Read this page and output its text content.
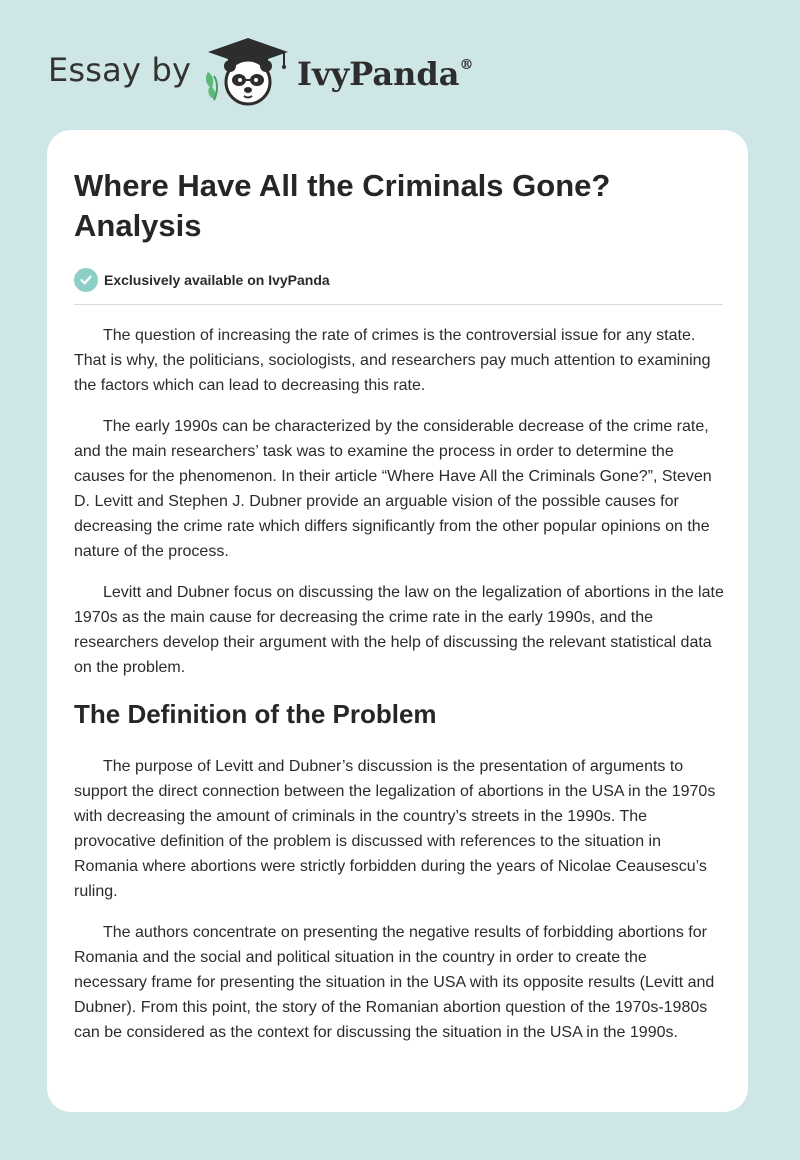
Essay by	IvyPanda®
Where Have All the Criminals Gone? Analysis
Exclusively available on IvyPanda

The question of increasing the rate of crimes is the controversial issue for any state. That is why, the politicians, sociologists, and researchers pay much attention to examining the factors which can lead to decreasing this rate.

The early 1990s can be characterized by the considerable decrease of the crime rate, and the main researchers’ task was to examine the process in order to determine the causes for the phenomenon. In their article “Where Have All the Criminals Gone?”, Steven D. Levitt and Stephen J. Dubner provide an arguable vision of the possible causes for decreasing the crime rate which differs significantly from the other popular opinions on the nature of the process.

Levitt and Dubner focus on discussing the law on the legalization of abortions in the late 1970s as the main cause for decreasing the crime rate in the early 1990s, and the researchers develop their argument with the help of discussing the relevant statistical data on the problem.

The Definition of the Problem

The purpose of Levitt and Dubner’s discussion is the presentation of arguments to support the direct connection between the legalization of abortions in the USA in the 1970s with decreasing the amount of criminals in the country’s streets in the 1990s. The provocative definition of the problem is discussed with references to the situation in Romania where abortions were strictly forbidden during the years of Nicolae Ceausescu’s ruling.

The authors concentrate on presenting the negative results of forbidding abortions for Romania and the social and political situation in the country in order to create the necessary frame for presenting the situation in the USA with its opposite results (Levitt and Dubner). From this point, the story of the Romanian abortion question of the 1970s-1980s can be considered as the context for discussing the situation in the USA in the 1990s.
